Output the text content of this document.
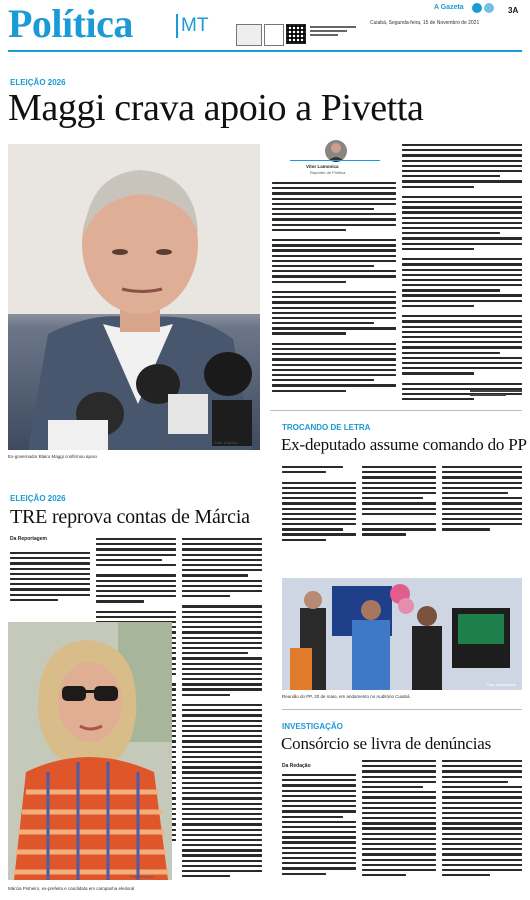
Política	MT
A Gazeta
Cuiabá, Segunda-feira, 15 de Novembro de 2021
3A
ELEIÇÃO 2026
Maggi crava apoio a Pivetta
Foto: Arquivo
Ex-governador Blairo Maggi confirmou apoio
Vítor Lamonica
Repórter de Política
TROCANDO DE LETRA
Ex-deputado assume comando do PP
Foto: Assessoria
Reunião do PP, 20 de maio, em andamento no Auditório Cuiabá.
ELEIÇÃO 2026
TRE reprova contas de Márcia
Da Reportagem
Foto: Arquivo
Márcia Pinheiro, ex-prefeita e candidata em campanha eleitoral
INVESTIGAÇÃO
Consórcio se livra de denúncias
Da Redação
